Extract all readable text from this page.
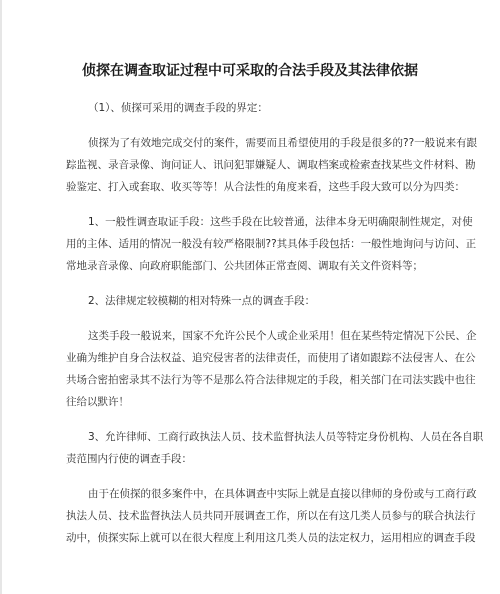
侦探在调查取证过程中可采取的合法手段及其法律依据
（1）、侦探可采用的调查手段的界定：
侦探为了有效地完成交付的案件，需要而且希望使用的手段是很多的??一般说来有跟
踪监视、录音录像、询问证人、讯问犯罪嫌疑人、调取档案或检索查找某些文件材料、勘
验鉴定、打入或套取、收买等等！从合法性的角度来看，这些手段大致可以分为四类：
1、一般性调查取证手段：这些手段在比较普通，法律本身无明确限制性规定，对使
用的主体、适用的情况一般没有较严格限制??其具体手段包括：一般性地询问与访问、正
常地录音录像、向政府职能部门、公共团体正常查阅、调取有关文件资料等；
2、法律规定较模糊的相对特殊一点的调查手段：
这类手段一般说来，国家不允许公民个人或企业采用！但在某些特定情况下公民、企
业确为维护自身合法权益、追究侵害者的法律责任，而使用了诸如跟踪不法侵害人、在公
共场合密拍密录其不法行为等不是那么符合法律规定的手段，相关部门在司法实践中也往
往给以默许！
3、允许律师、工商行政执法人员、技术监督执法人员等特定身份机构、人员在各自职
责范围内行使的调查手段：
由于在侦探的很多案件中，在具体调查中实际上就是直接以律师的身份或与工商行政
执法人员、技术监督执法人员共同开展调查工作，所以在有这几类人员参与的联合执法行
动中，侦探实际上就可以在很大程度上利用这几类人员的法定权力，运用相应的调查手段
